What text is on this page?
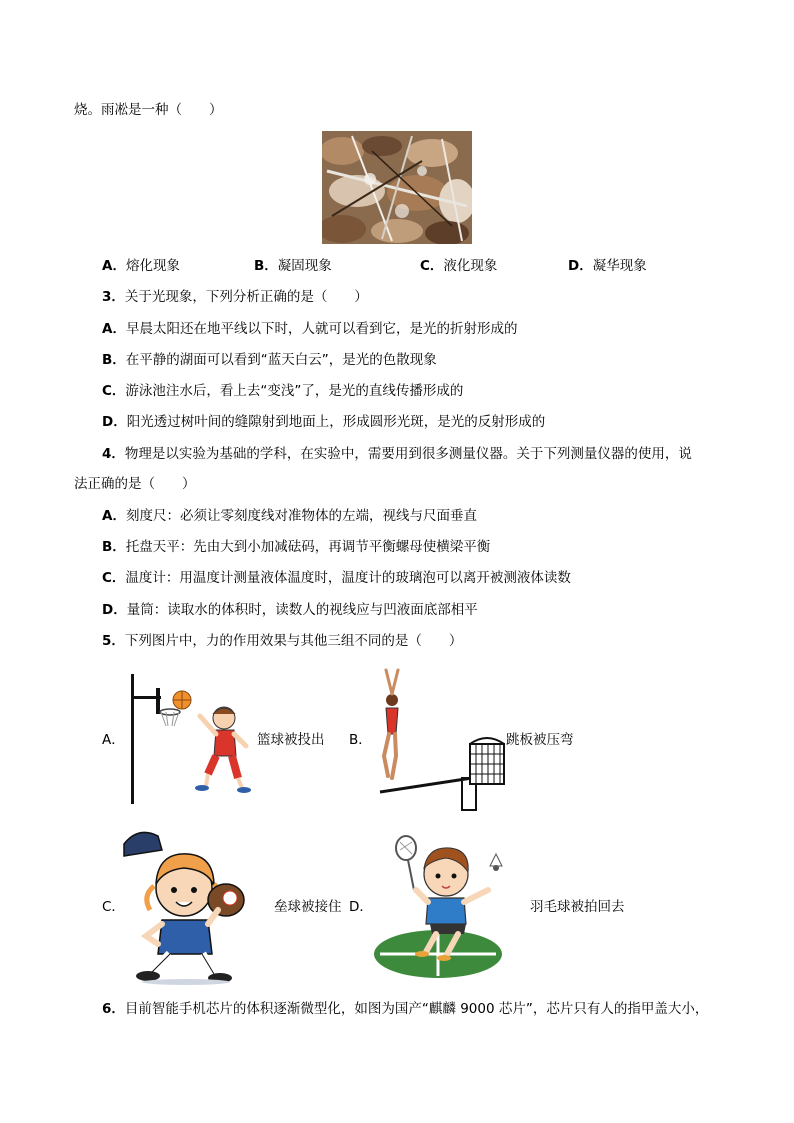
烧。雨凇是一种（　　）
A．熔化现象	B．凝固现象	C．液化现象	D．凝华现象
3．关于光现象，下列分析正确的是（　　）
A．早晨太阳还在地平线以下时，人就可以看到它，是光的折射形成的
B．在平静的湖面可以看到“蓝天白云”，是光的色散现象
C．游泳池注水后，看上去“变浅”了，是光的直线传播形成的
D．阳光透过树叶间的缝隙射到地面上，形成圆形光斑，是光的反射形成的
4．物理是以实验为基础的学科，在实验中，需要用到很多测量仪器。关于下列测量仪器的使用，说
法正确的是（　　）
A．刻度尺：必须让零刻度线对准物体的左端，视线与尺面垂直
B．托盘天平：先由大到小加减砝码，再调节平衡螺母使横梁平衡
C．温度计：用温度计测量液体温度时，温度计的玻璃泡可以离开被测液体读数
D．量筒：读取水的体积时，读数人的视线应与凹液面底部相平
5．下列图片中，力的作用效果与其他三组不同的是（　　）
A．	篮球被投出 B．	跳板被压弯
C．	垒球被接住 D．	羽毛球被拍回去
6．目前智能手机芯片的体积逐渐微型化，如图为国产“麒麟 9000 芯片”，芯片只有人的指甲盖大小，
